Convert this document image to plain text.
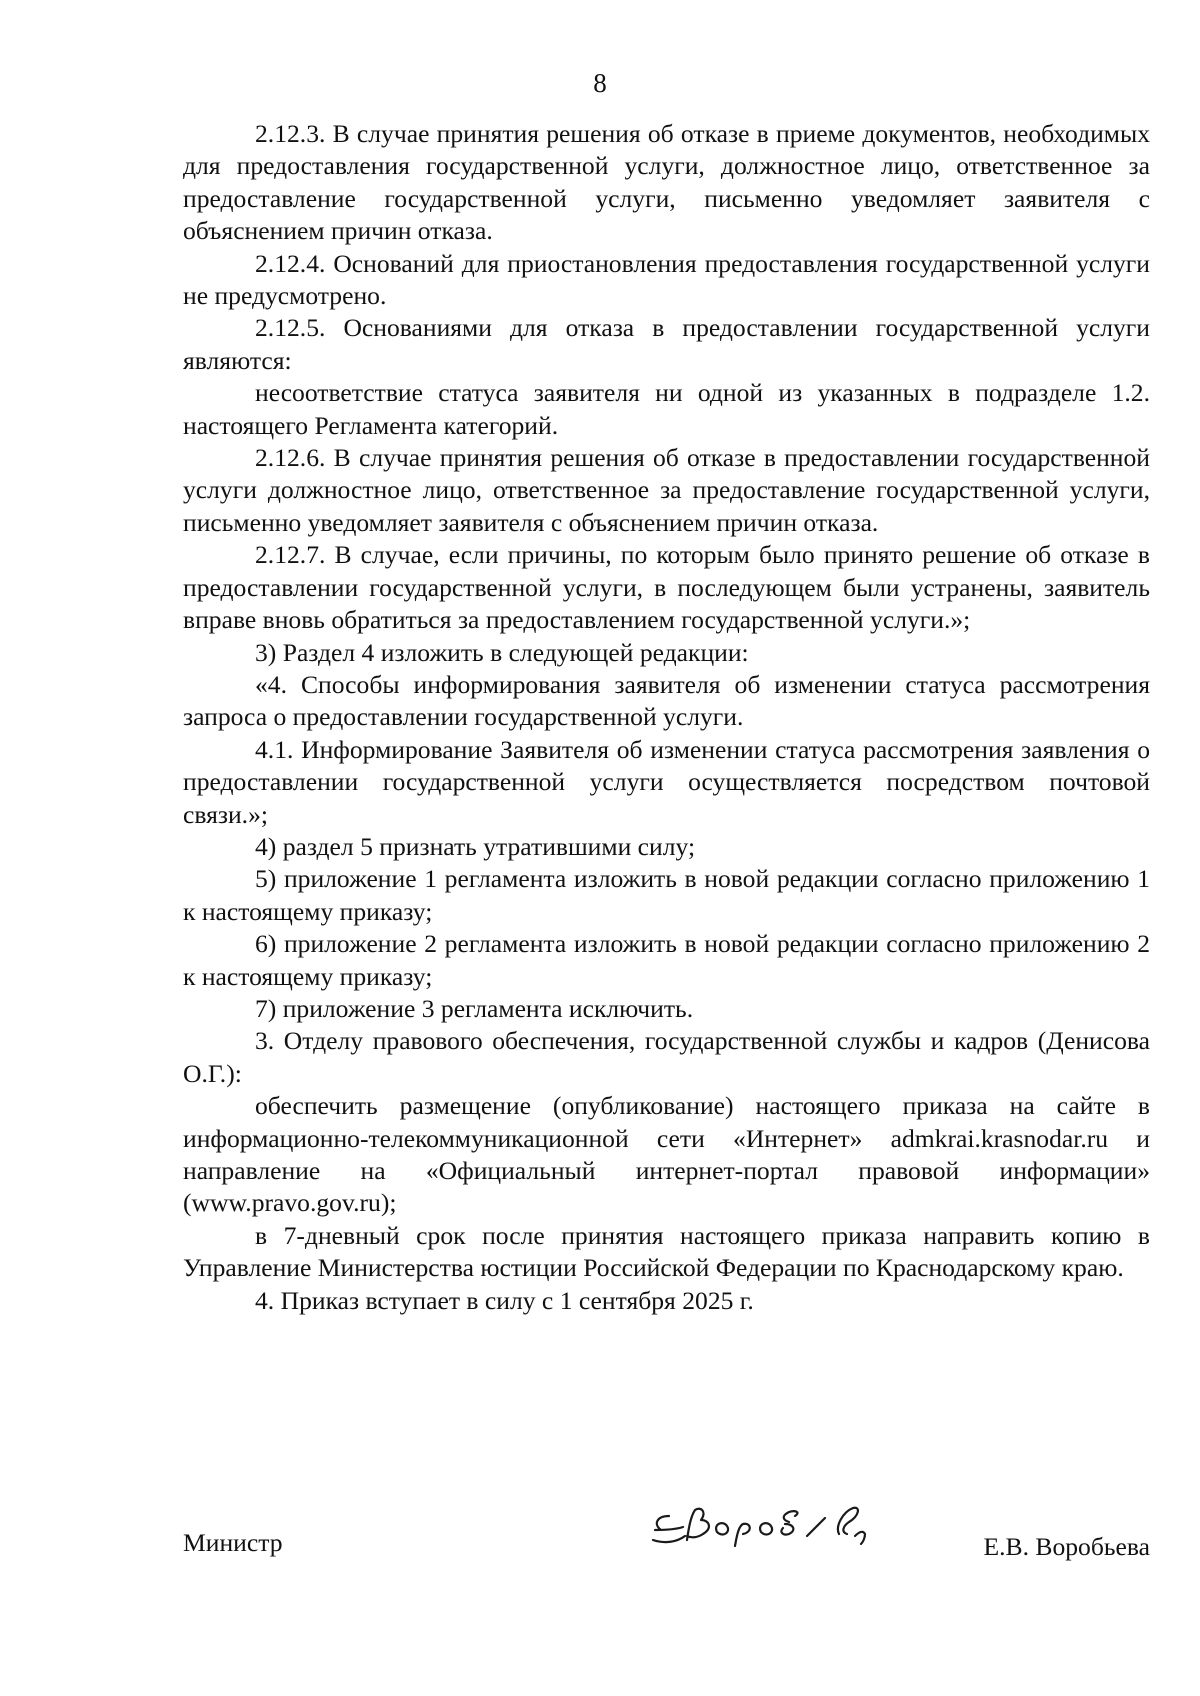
8

2.12.3. В случае принятия решения об отказе в приеме документов, необходимых для предоставления государственной услуги, должностное лицо, ответственное за предоставление государственной услуги, письменно уведомляет заявителя с объяснением причин отказа.

2.12.4. Оснований для приостановления предоставления государственной услуги не предусмотрено.

2.12.5. Основаниями для отказа в предоставлении государственной услуги являются:

несоответствие статуса заявителя ни одной из указанных в подразделе 1.2. настоящего Регламента категорий.

2.12.6. В случае принятия решения об отказе в предоставлении государственной услуги должностное лицо, ответственное за предоставление государственной услуги, письменно уведомляет заявителя с объяснением причин отказа.

2.12.7. В случае, если причины, по которым было принято решение об отказе в предоставлении государственной услуги, в последующем были устранены, заявитель вправе вновь обратиться за предоставлением государственной услуги.»;

3) Раздел 4 изложить в следующей редакции:

«4. Способы информирования заявителя об изменении статуса рассмотрения запроса о предоставлении государственной услуги.

4.1. Информирование Заявителя об изменении статуса рассмотрения заявления о предоставлении государственной услуги осуществляется посредством почтовой связи.»;

4) раздел 5 признать утратившими силу;

5) приложение 1 регламента изложить в новой редакции согласно приложению 1 к настоящему приказу;

6) приложение 2 регламента изложить в новой редакции согласно приложению 2 к настоящему приказу;

7) приложение 3 регламента исключить.

3. Отделу правового обеспечения, государственной службы и кадров (Денисова О.Г.):

обеспечить размещение (опубликование) настоящего приказа на сайте в информационно-телекоммуникационной сети «Интернет» admkrai.krasnodar.ru и направление на «Официальный интернет-портал правовой информации» (www.pravo.gov.ru);

в 7-дневный срок после принятия настоящего приказа направить копию в Управление Министерства юстиции Российской Федерации по Краснодарскому краю.

4. Приказ вступает в силу с 1 сентября 2025 г.

Министр	Е.В. Воробьева
